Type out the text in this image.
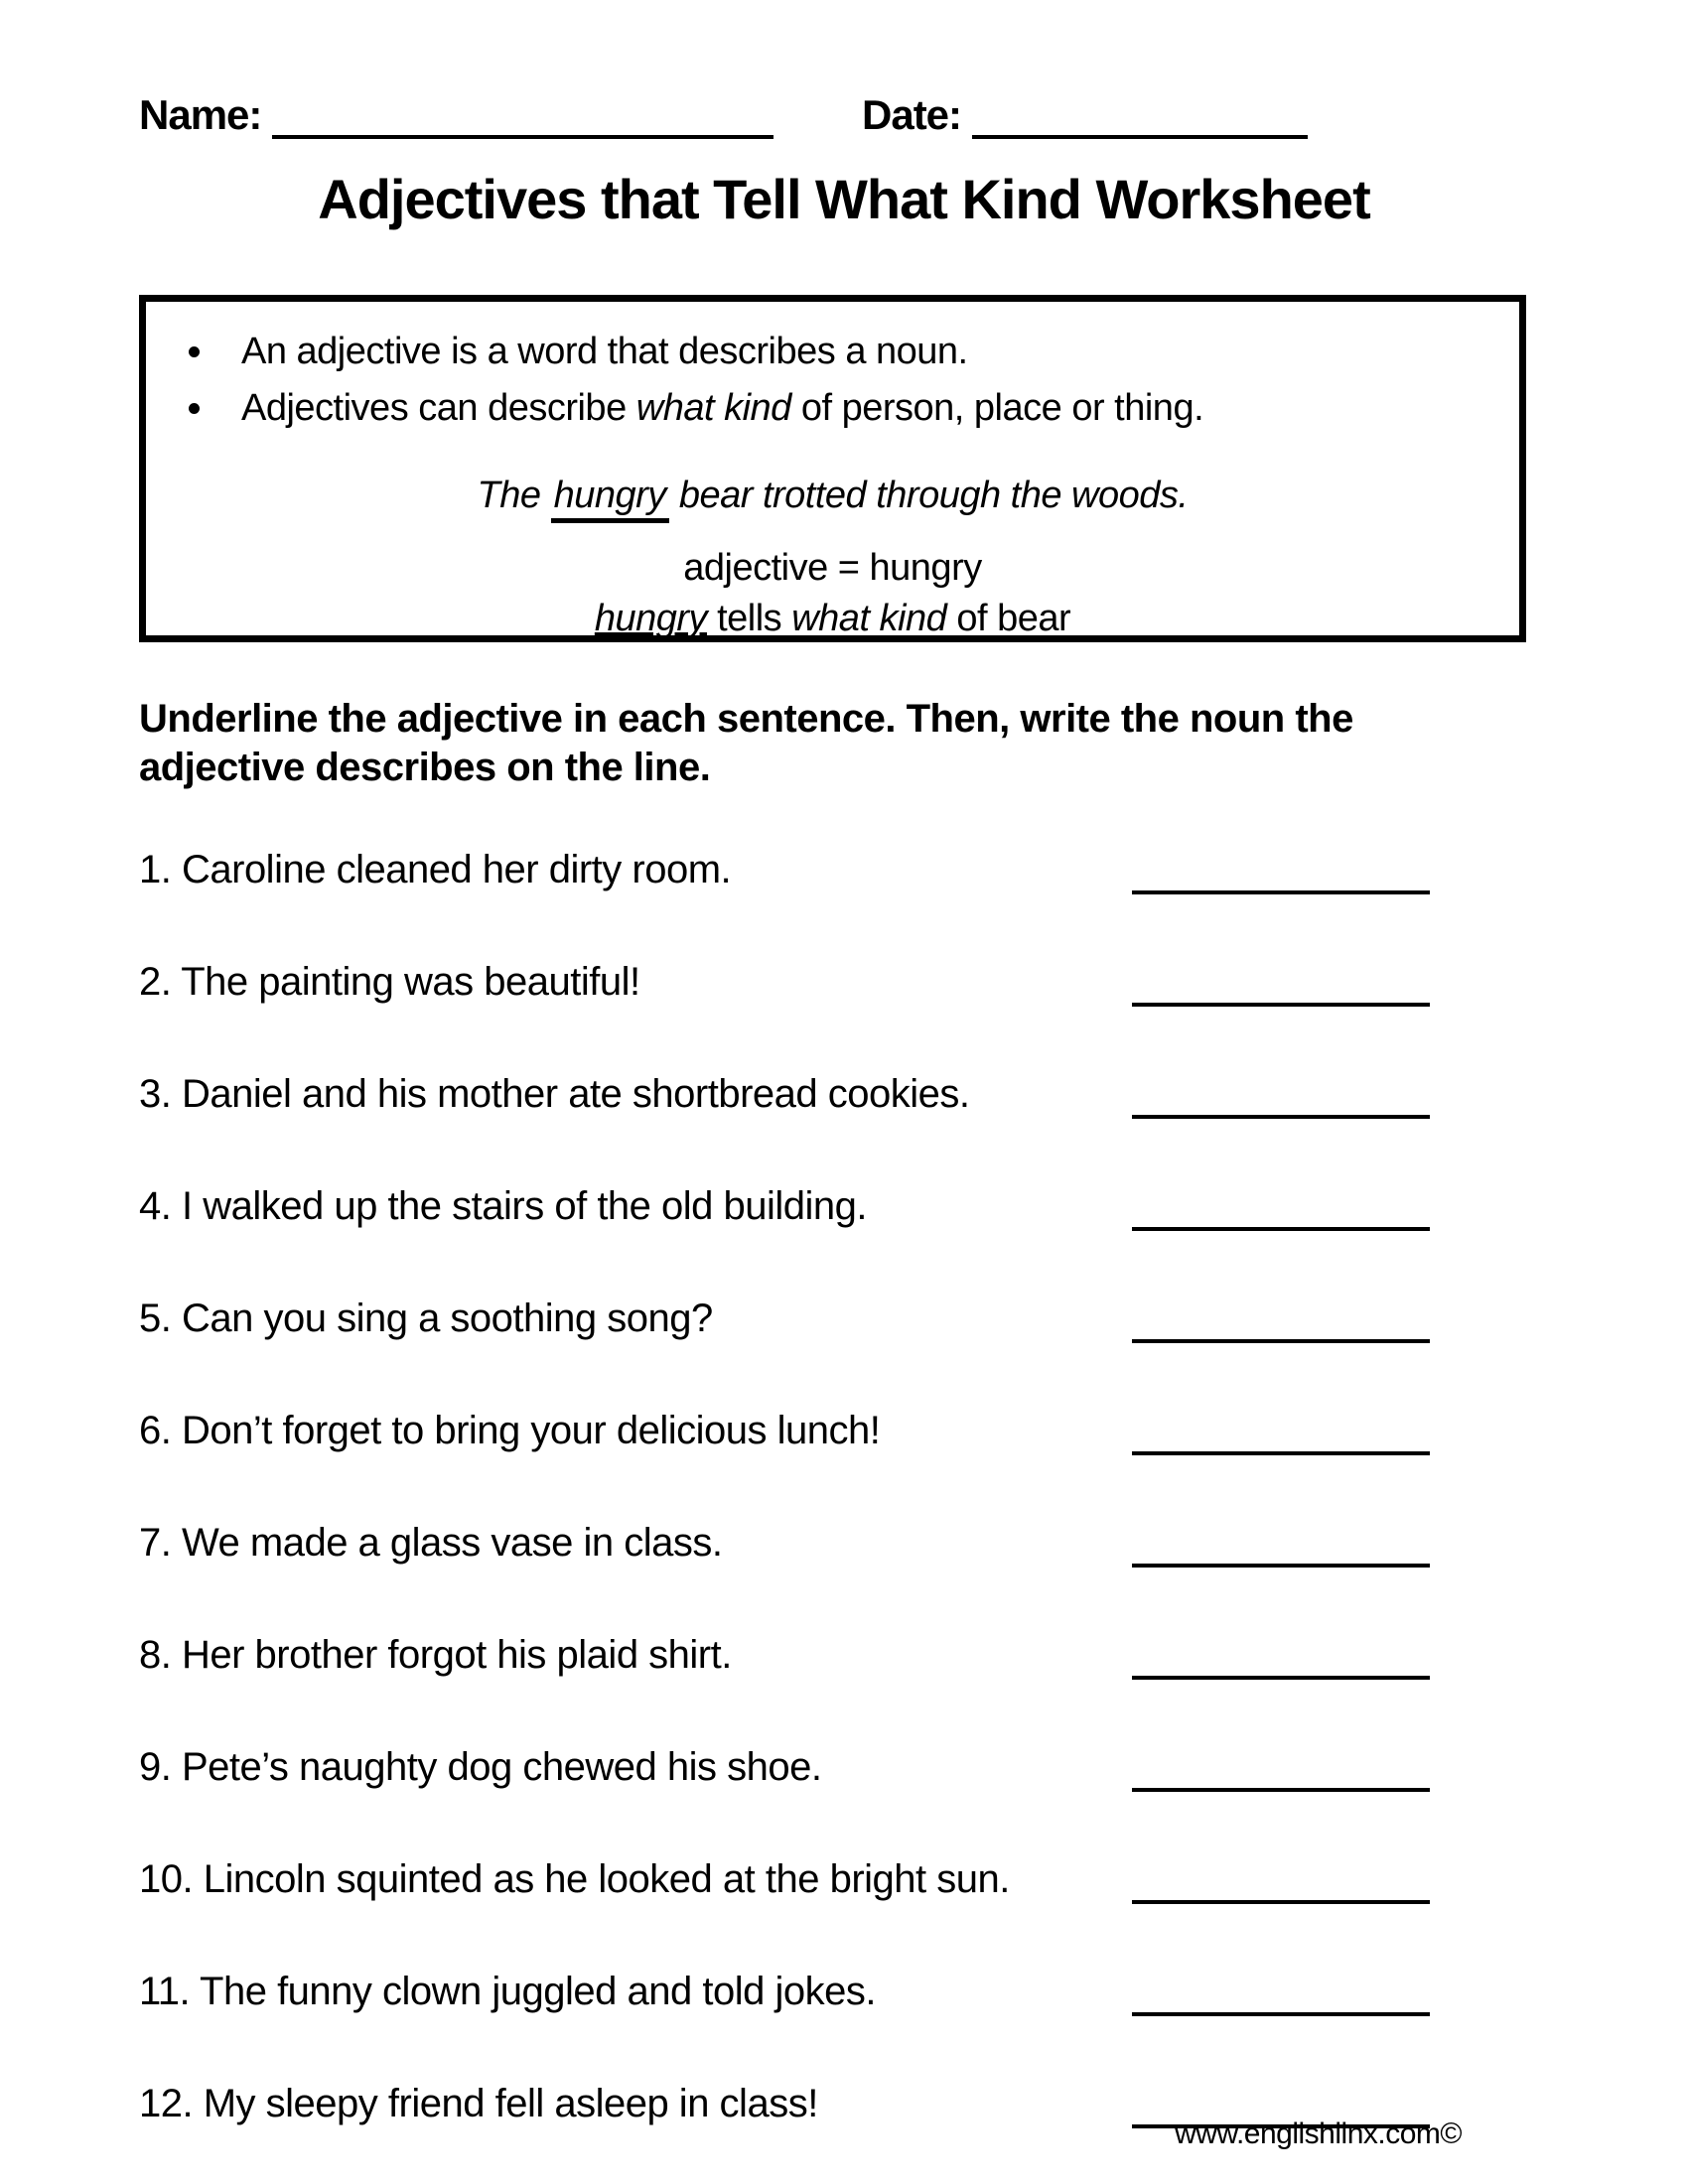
Name:	Date:
Adjectives that Tell What Kind Worksheet
• An adjective is a word that describes a noun.
• Adjectives can describe what kind of person, place or thing.
The hungry bear trotted through the woods.
adjective = hungry
hungry tells what kind of bear
Underline the adjective in each sentence. Then, write the noun the adjective describes on the line.
1. Caroline cleaned her dirty room.
2. The painting was beautiful!
3. Daniel and his mother ate shortbread cookies.
4. I walked up the stairs of the old building.
5. Can you sing a soothing song?
6. Don’t forget to bring your delicious lunch!
7. We made a glass vase in class.
8. Her brother forgot his plaid shirt.
9. Pete’s naughty dog chewed his shoe.
10. Lincoln squinted as he looked at the bright sun.
11. The funny clown juggled and told jokes.
12. My sleepy friend fell asleep in class!
www.englishlinx.com©
